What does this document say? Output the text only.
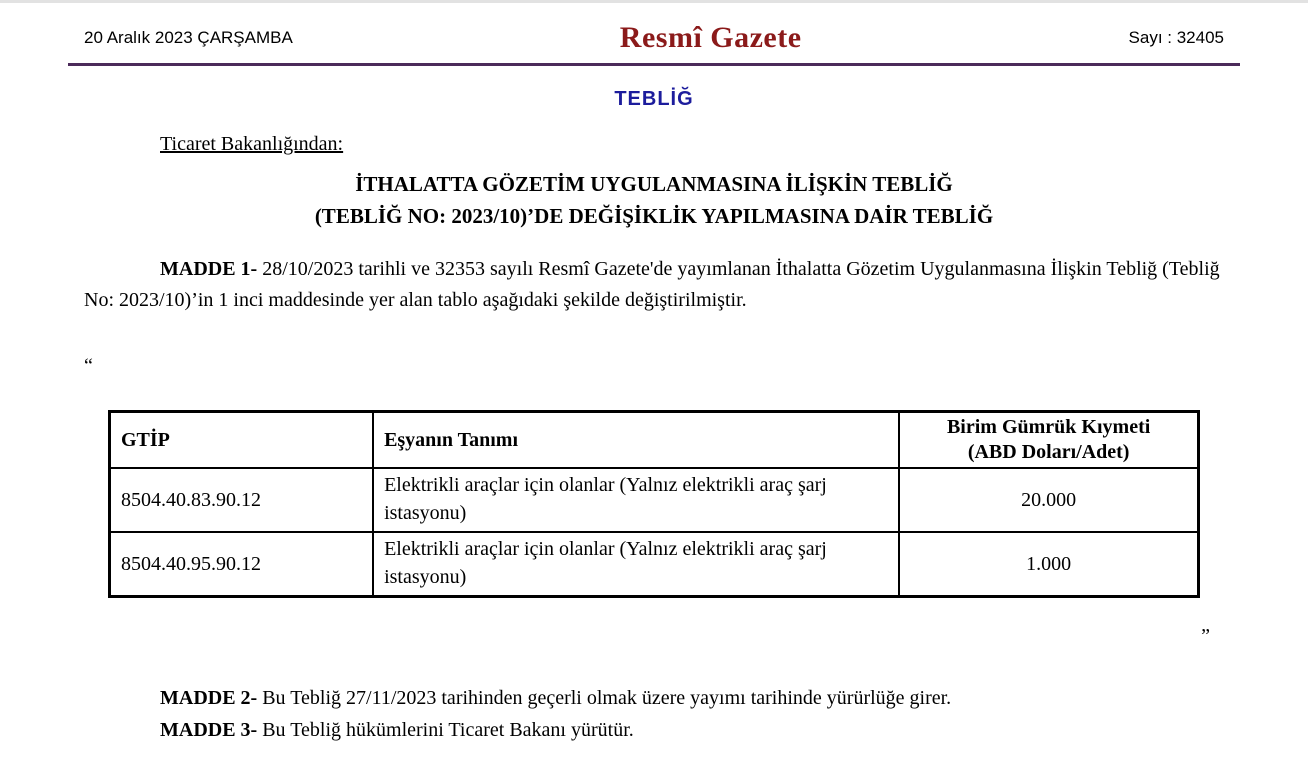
20 Aralık 2023 ÇARŞAMBA	Resmî Gazete	Sayı : 32405
TEBLİĞ
Ticaret Bakanlığından:
İTHALATTA GÖZETİM UYGULANMASINA İLİŞKİN TEBLİĞ
(TEBLİĞ NO: 2023/10)’DE DEĞİŞİKLİK YAPILMASINA DAİR TEBLİĞ

MADDE 1- 28/10/2023 tarihli ve 32353 sayılı Resmî Gazete'de yayımlanan İthalatta Gözetim Uygulanmasına İlişkin Tebliğ (Tebliğ No: 2023/10)’in 1 inci maddesinde yer alan tablo aşağıdaki şekilde değiştirilmiştir.

“
GTİP	Eşyanın Tanımı	Birim Gümrük Kıymeti
(ABD Doları/Adet)

8504.40.83.90.12	Elektrikli araçlar için olanlar (Yalnız elektrikli araç şarj istasyonu)	20.000
8504.40.95.90.12	Elektrikli araçlar için olanlar (Yalnız elektrikli araç şarj istasyonu)	1.000
”

MADDE 2- Bu Tebliğ 27/11/2023 tarihinden geçerli olmak üzere yayımı tarihinde yürürlüğe girer.

MADDE 3- Bu Tebliğ hükümlerini Ticaret Bakanı yürütür.
